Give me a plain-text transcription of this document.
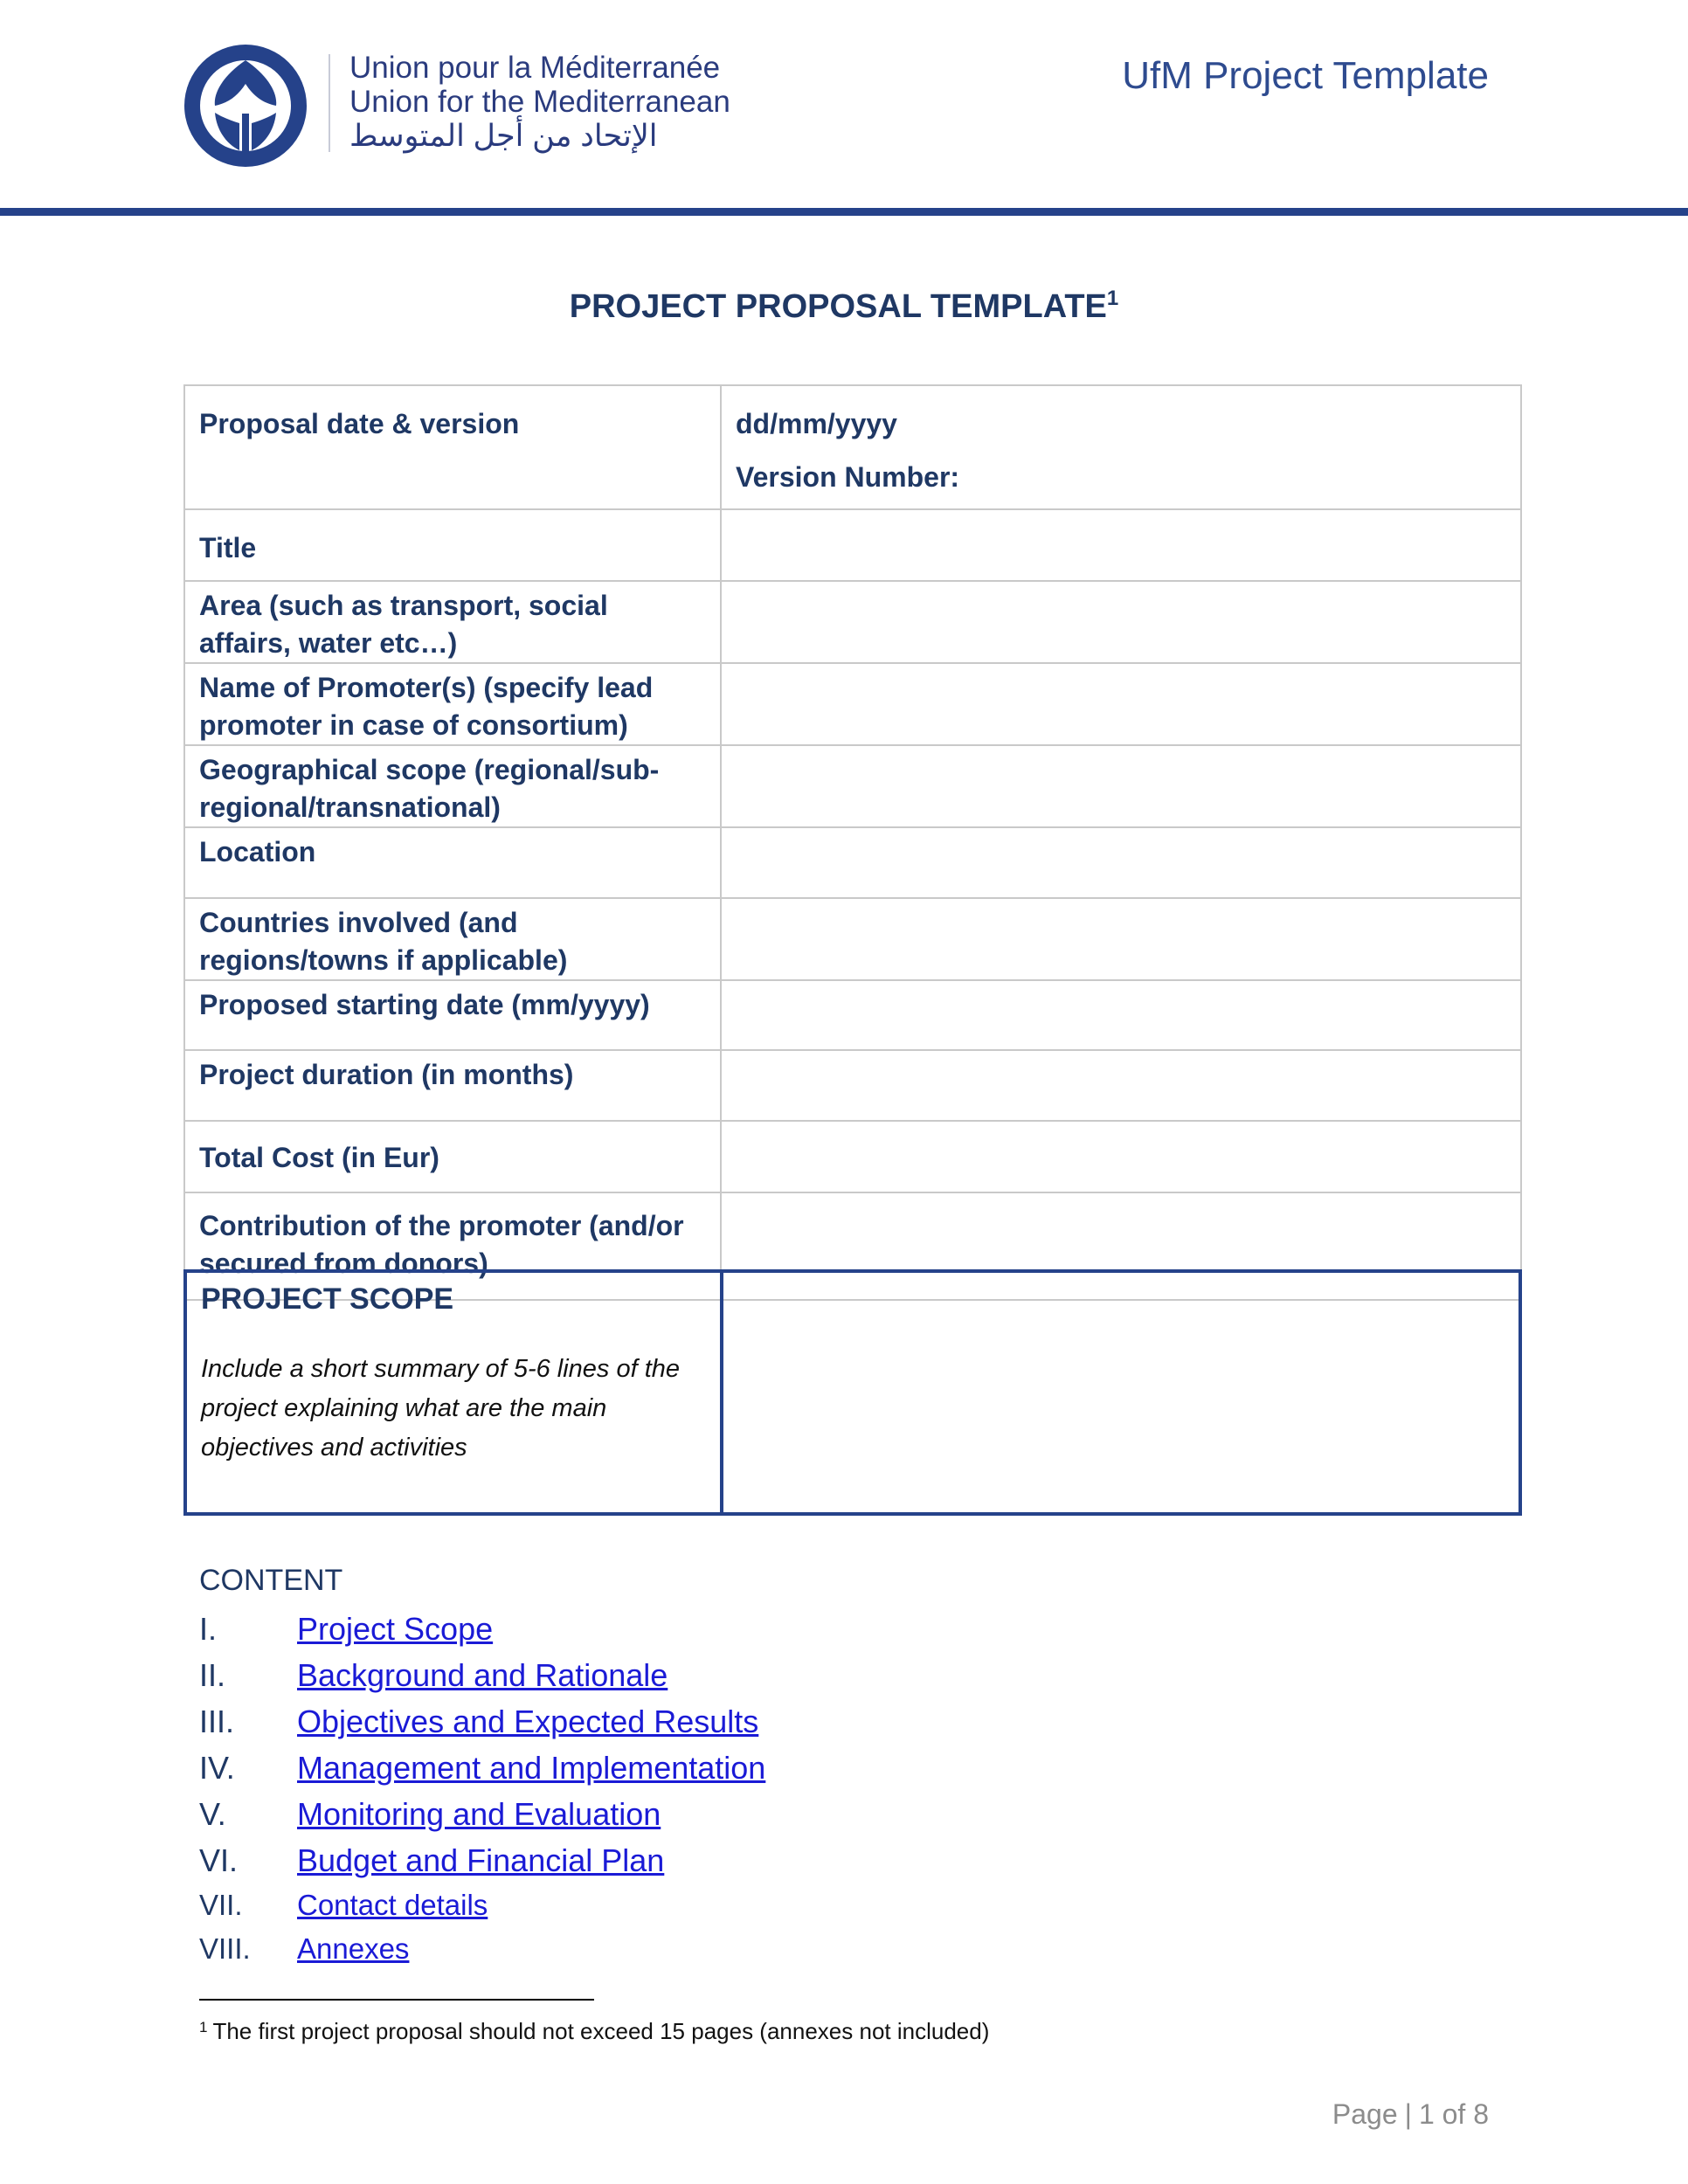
Union pour la Méditerranée
Union for the Mediterranean
الإتحاد من أجل المتوسط
UfM Project Template
PROJECT PROPOSAL TEMPLATE$^1$
Proposal date & version	dd/mm/yyyy
Version Number:

Title	
Area (such as transport, social affairs, water etc…)	
Name of Promoter(s) (specify lead promoter in case of consortium)	
Geographical scope (regional/sub-regional/transnational)	
Location	
Countries involved (and regions/towns if applicable)	
Proposed starting date (mm/yyyy)	
Project duration (in months)	
Total Cost (in Eur)	
Contribution of the promoter (and/or secured from donors)	
PROJECT SCOPE
Include a short summary of 5-6 lines of the project explaining what are the main objectives and activities

CONTENT
I.	Project Scope
II. Background and Rationale
III. Objectives and Expected Results
IV. Management and Implementation
V. Monitoring and Evaluation
VI. Budget and Financial Plan
VII. Contact details
VIII. Annexes
$^1$ The first project proposal should not exceed 15 pages (annexes not included)
Page | 1 of 8
